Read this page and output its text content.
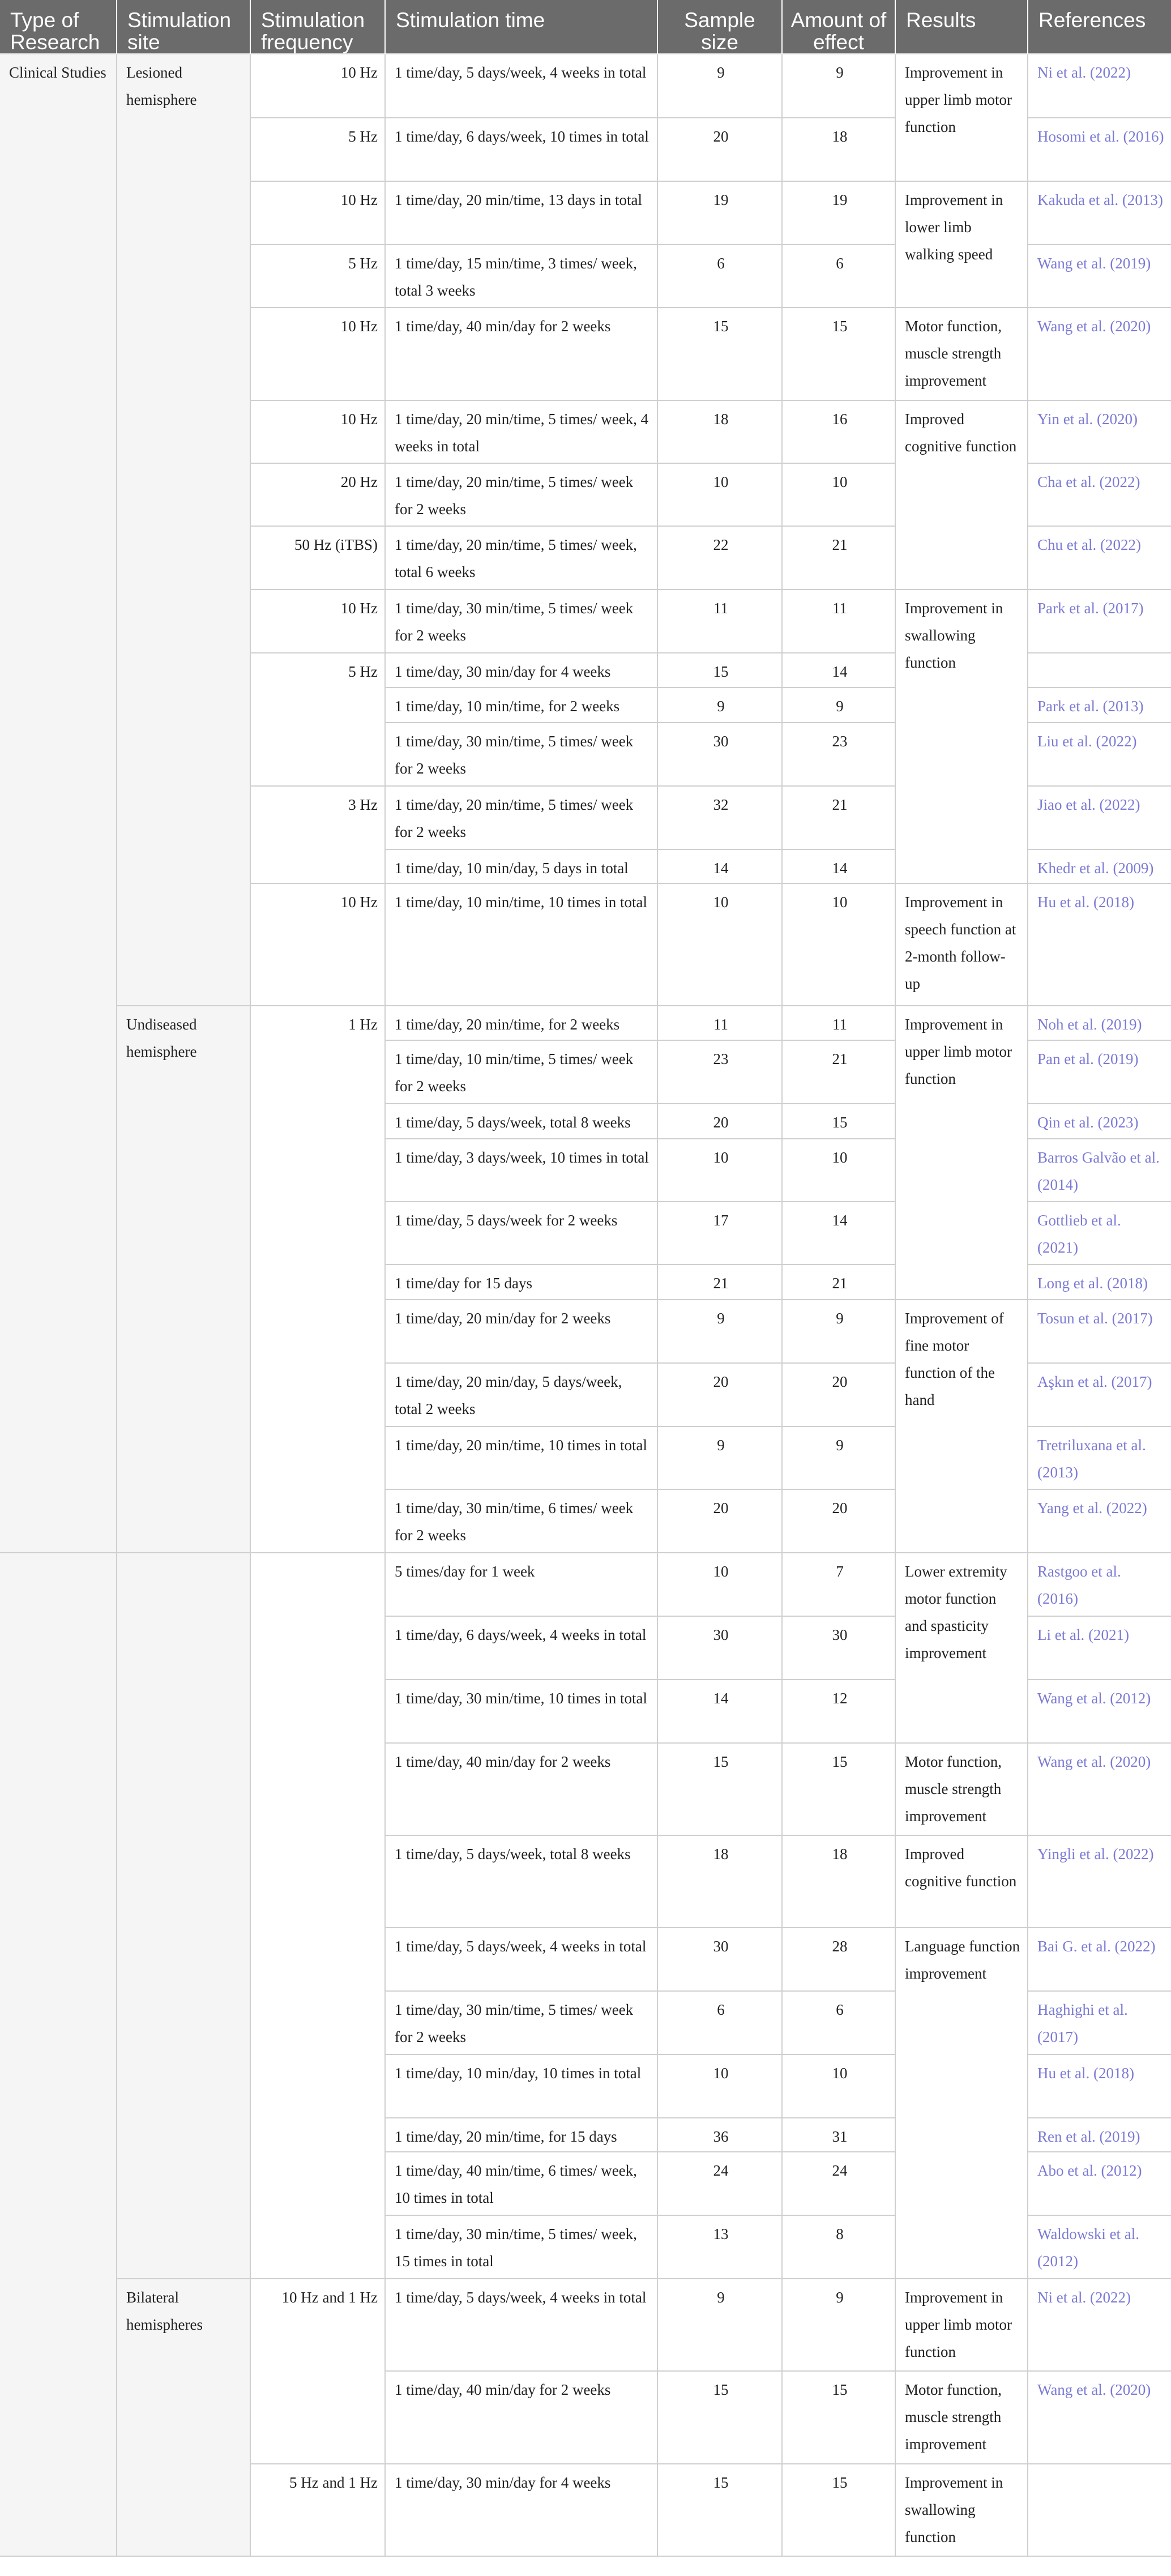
Type of Research	Stimulation site	Stimulation frequency	Stimulation time	Sample size	Amount of effect	Results	References
Clinical Studies	Lesioned hemisphere	10 Hz	1 time/day, 5 days/week, 4 weeks in total	9	9	Improvement in upper limb motor function	Ni et al. (2022)
		5 Hz	1 time/day, 6 days/week, 10 times in total	20	18		Hosomi et al. (2016)
		10 Hz	1 time/day, 20 min/time, 13 days in total	19	19	Improvement in lower limb walking speed	Kakuda et al. (2013)
		5 Hz	1 time/day, 15 min/time, 3 times/ week, total 3 weeks	6	6		Wang et al. (2019)
		10 Hz	1 time/day, 40 min/day for 2 weeks	15	15	Motor function, muscle strength improvement	Wang et al. (2020)
		10 Hz	1 time/day, 20 min/time, 5 times/ week, 4 weeks in total	18	16	Improved cognitive function	Yin et al. (2020)
		20 Hz	1 time/day, 20 min/time, 5 times/ week for 2 weeks	10	10		Cha et al. (2022)
		50 Hz (iTBS)	1 time/day, 20 min/time, 5 times/ week, total 6 weeks	22	21		Chu et al. (2022)
		10 Hz	1 time/day, 30 min/time, 5 times/ week for 2 weeks	11	11	Improvement in swallowing function	Park et al. (2017)
		5 Hz	1 time/day, 30 min/day for 4 weeks	15	14		
			1 time/day, 10 min/time, for 2 weeks	9	9		Park et al. (2013)
			1 time/day, 30 min/time, 5 times/ week for 2 weeks	30	23		Liu et al. (2022)
		3 Hz	1 time/day, 20 min/time, 5 times/ week for 2 weeks	32	21		Jiao et al. (2022)
			1 time/day, 10 min/day, 5 days in total	14	14		Khedr et al. (2009)
		10 Hz	1 time/day, 10 min/time, 10 times in total	10	10	Improvement in speech function at 2-month follow-up	Hu et al. (2018)
	Undiseased hemisphere	1 Hz	1 time/day, 20 min/time, for 2 weeks	11	11	Improvement in upper limb motor function	Noh et al. (2019)
			1 time/day, 10 min/time, 5 times/ week for 2 weeks	23	21		Pan et al. (2019)
			1 time/day, 5 days/week, total 8 weeks	20	15		Qin et al. (2023)
			1 time/day, 3 days/week, 10 times in total	10	10		Barros Galvão et al. (2014)
			1 time/day, 5 days/week for 2 weeks	17	14		Gottlieb et al. (2021)
			1 time/day for 15 days	21	21		Long et al. (2018)
			1 time/day, 20 min/day for 2 weeks	9	9	Improvement of fine motor function of the hand	Tosun et al. (2017)
			1 time/day, 20 min/day, 5 days/week, total 2 weeks	20	20		Aşkın et al. (2017)
			1 time/day, 20 min/time, 10 times in total	9	9		Tretriluxana et al. (2013)
			1 time/day, 30 min/time, 6 times/ week for 2 weeks	20	20		Yang et al. (2022)
			5 times/day for 1 week	10	7	Lower extremity motor function and spasticity improvement	Rastgoo et al. (2016)
			1 time/day, 6 days/week, 4 weeks in total	30	30		Li et al. (2021)
			1 time/day, 30 min/time, 10 times in total	14	12		Wang et al. (2012)
			1 time/day, 40 min/day for 2 weeks	15	15	Motor function, muscle strength improvement	Wang et al. (2020)
			1 time/day, 5 days/week, total 8 weeks	18	18	Improved cognitive function	Yingli et al. (2022)
			1 time/day, 5 days/week, 4 weeks in total	30	28	Language function improvement	Bai G. et al. (2022)
			1 time/day, 30 min/time, 5 times/ week for 2 weeks	6	6		Haghighi et al. (2017)
			1 time/day, 10 min/day, 10 times in total	10	10		Hu et al. (2018)
			1 time/day, 20 min/time, for 15 days	36	31		Ren et al. (2019)
			1 time/day, 40 min/time, 6 times/ week, 10 times in total	24	24		Abo et al. (2012)
			1 time/day, 30 min/time, 5 times/ week, 15 times in total	13	8		Waldowski et al. (2012)
	Bilateral hemispheres	10 Hz and 1 Hz	1 time/day, 5 days/week, 4 weeks in total	9	9	Improvement in upper limb motor function	Ni et al. (2022)
			1 time/day, 40 min/day for 2 weeks	15	15	Motor function, muscle strength improvement	Wang et al. (2020)
		5 Hz and 1 Hz	1 time/day, 30 min/day for 4 weeks	15	15	Improvement in swallowing function	
